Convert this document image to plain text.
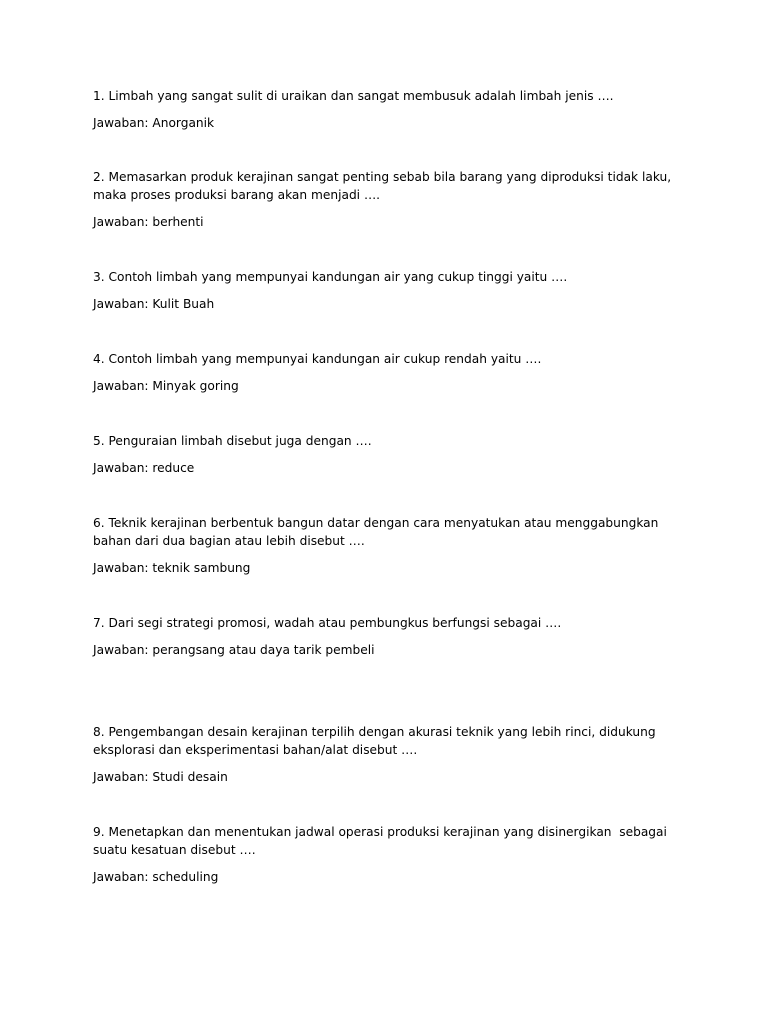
1. Limbah yang sangat sulit di uraikan dan sangat membusuk adalah limbah jenis ….

Jawaban: Anorganik

2. Memasarkan produk kerajinan sangat penting sebab bila barang yang diproduksi tidak laku, maka proses produksi barang akan menjadi ….

Jawaban: berhenti

3. Contoh limbah yang mempunyai kandungan air yang cukup tinggi yaitu ….

Jawaban: Kulit Buah

4. Contoh limbah yang mempunyai kandungan air cukup rendah yaitu ….

Jawaban: Minyak goring

5. Penguraian limbah disebut juga dengan ….

Jawaban: reduce

6. Teknik kerajinan berbentuk bangun datar dengan cara menyatukan atau menggabungkan bahan dari dua bagian atau lebih disebut ….

Jawaban: teknik sambung

7. Dari segi strategi promosi, wadah atau pembungkus berfungsi sebagai ….

Jawaban: perangsang atau daya tarik pembeli

8. Pengembangan desain kerajinan terpilih dengan akurasi teknik yang lebih rinci, didukung eksplorasi dan eksperimentasi bahan/alat disebut ….

Jawaban: Studi desain

9. Menetapkan dan menentukan jadwal operasi produksi kerajinan yang disinergikan  sebagai suatu kesatuan disebut ….

Jawaban: scheduling
